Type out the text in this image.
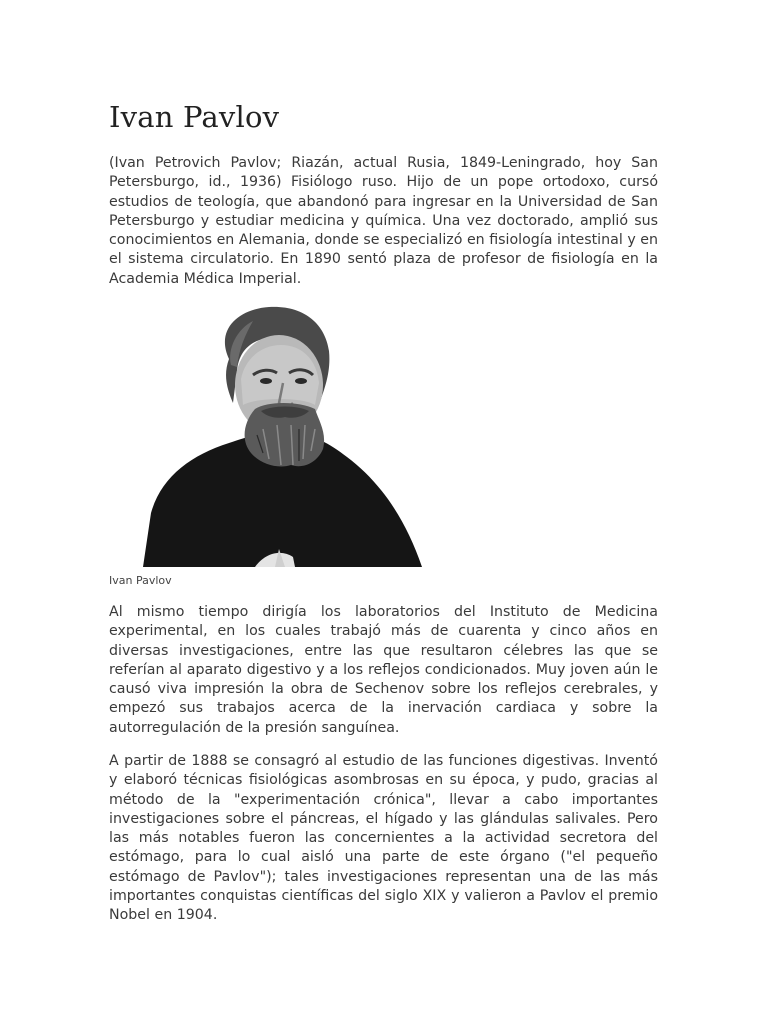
Ivan Pavlov

(Ivan Petrovich Pavlov; Riazán, actual Rusia, 1849-Leningrado, hoy San Petersburgo, id., 1936) Fisiólogo ruso. Hijo de un pope ortodoxo, cursó estudios de teología, que abandonó para ingresar en la Universidad de San Petersburgo y estudiar medicina y química. Una vez doctorado, amplió sus conocimientos en Alemania, donde se especializó en fisiología intestinal y en el sistema circulatorio. En 1890 sentó plaza de profesor de fisiología en la Academia Médica Imperial.

Ivan Pavlov

Al mismo tiempo dirigía los laboratorios del Instituto de Medicina experimental, en los cuales trabajó más de cuarenta y cinco años en diversas investigaciones, entre las que resultaron célebres las que se referían al aparato digestivo y a los reflejos condicionados. Muy joven aún le causó viva impresión la obra de Sechenov sobre los reflejos cerebrales, y empezó sus trabajos acerca de la inervación cardiaca y sobre la autorregulación de la presión sanguínea.

A partir de 1888 se consagró al estudio de las funciones digestivas. Inventó y elaboró técnicas fisiológicas asombrosas en su época, y pudo, gracias al método de la "experimentación crónica", llevar a cabo importantes investigaciones sobre el páncreas, el hígado y las glándulas salivales. Pero las más notables fueron las concernientes a la actividad secretora del estómago, para lo cual aisló una parte de este órgano ("el pequeño estómago de Pavlov"); tales investigaciones representan una de las más importantes conquistas científicas del siglo XIX y valieron a Pavlov el premio Nobel en 1904.
